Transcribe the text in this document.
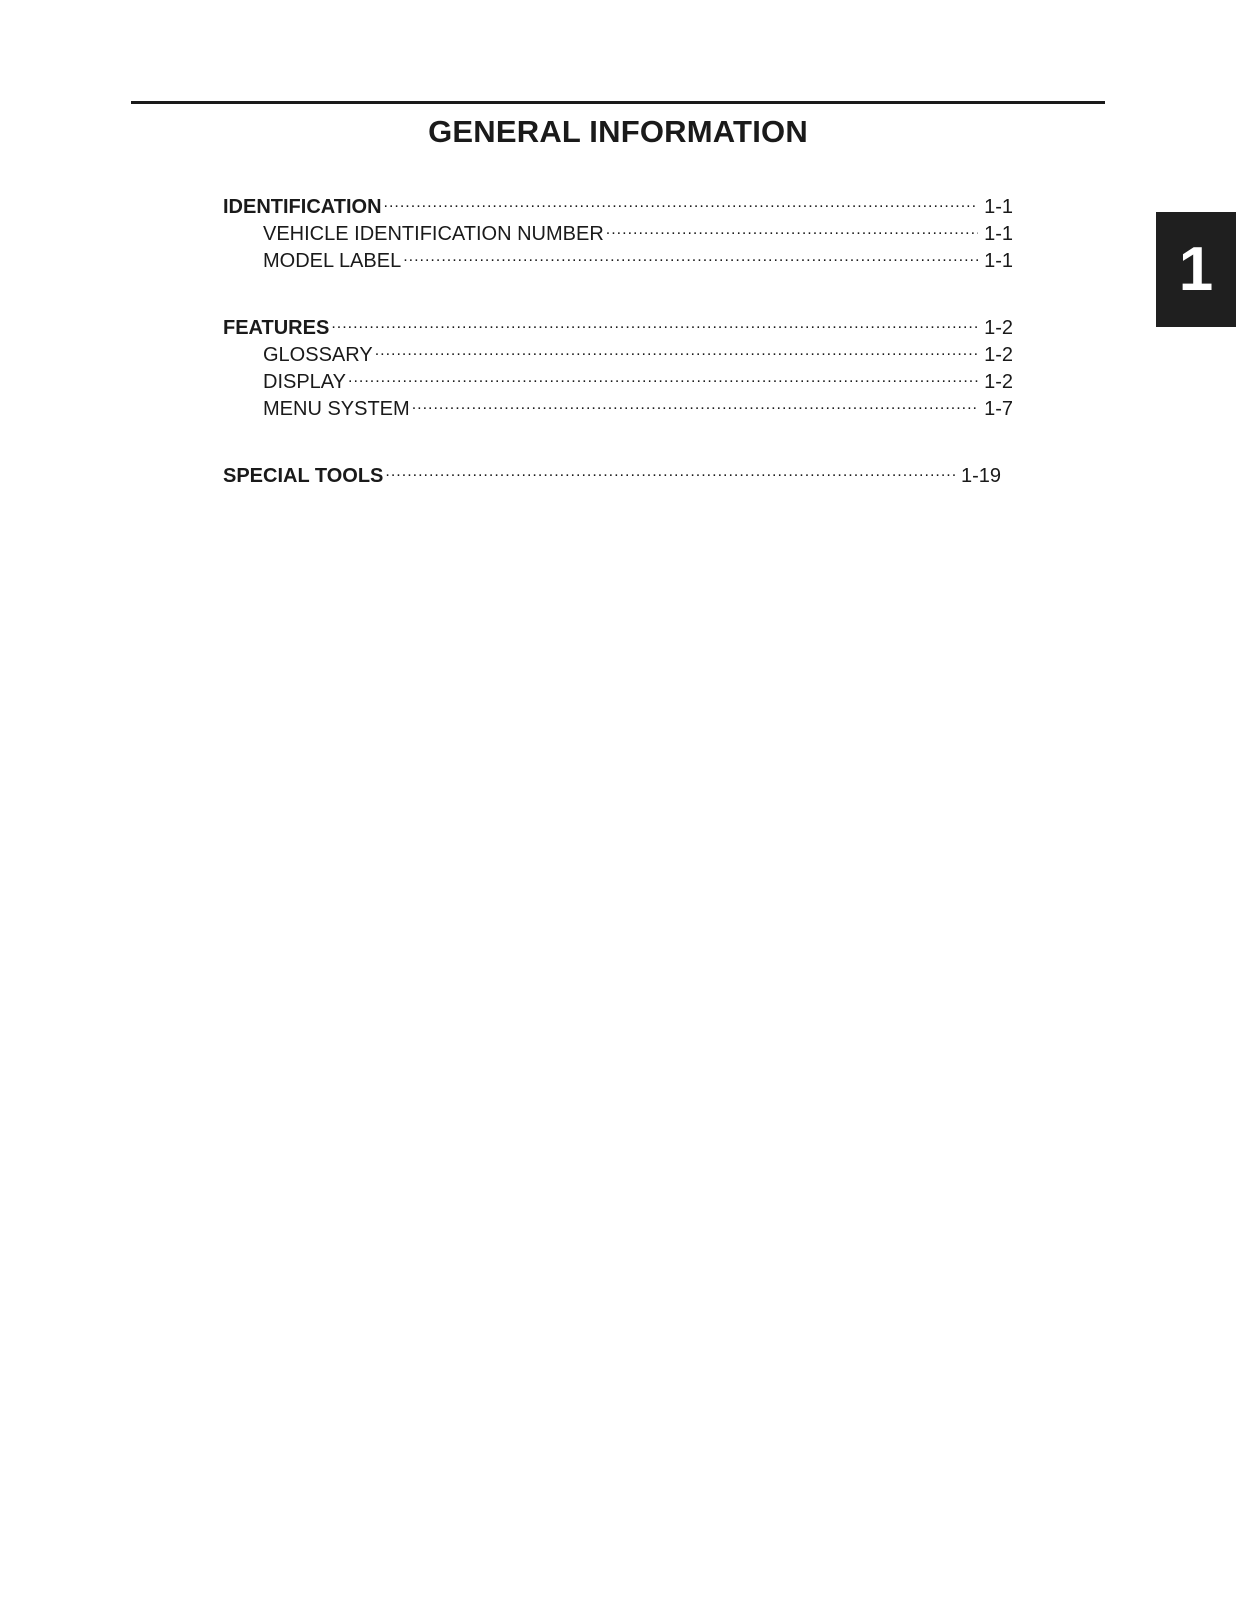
GENERAL INFORMATION
1
IDENTIFICATION .....	1-1
VEHICLE IDENTIFICATION NUMBER .....	1-1
MODEL LABEL .....	1-1
FEATURES .....	1-2
GLOSSARY .....	1-2
DISPLAY .....	1-2
MENU SYSTEM .....	1-7
SPECIAL TOOLS .....	1-19
